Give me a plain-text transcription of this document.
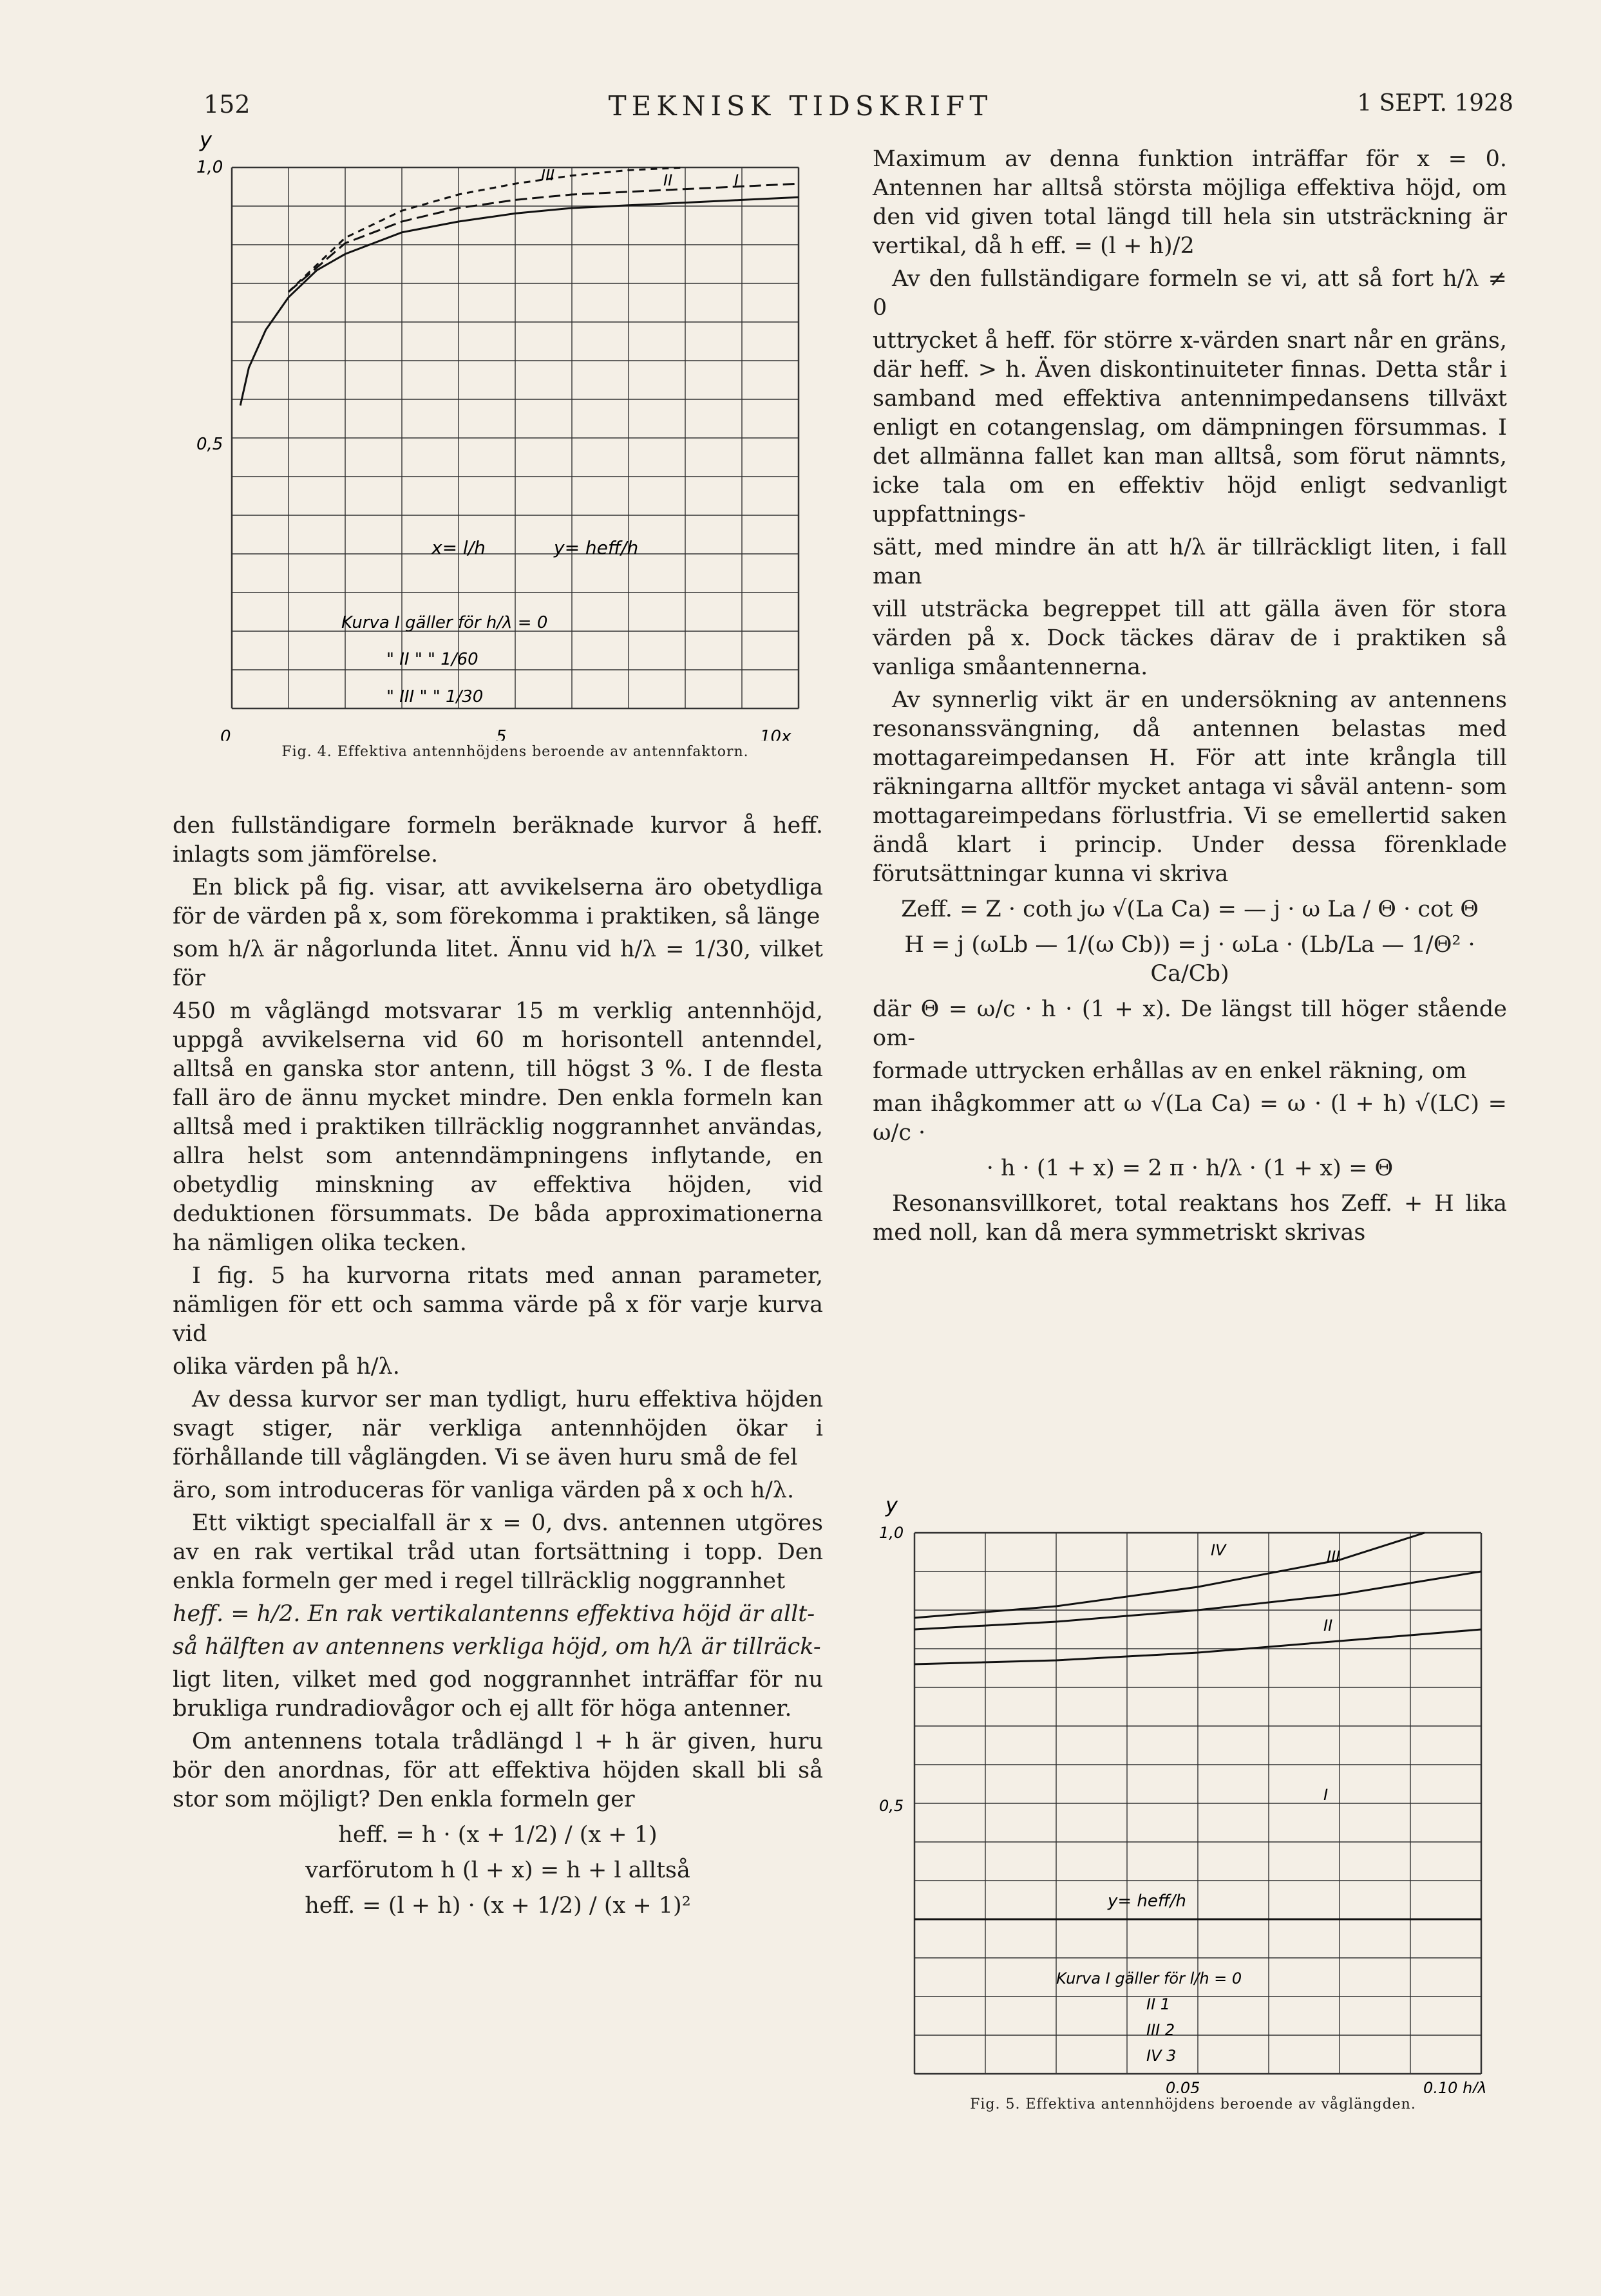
152	TEKNISK TIDSKRIFT	1 SEPT. 1928
y
1,0
0,5
0	5	10x
III	II	I
x= l/h	y= heff/h
Kurva I gäller för h/λ = 0
" II " " 1/60
" III " " 1/30
Fig. 4. Effektiva antennhöjdens beroende av antennfaktorn.

den fullständigare formeln beräknade kurvor å heff. inlagts som jämförelse.

En blick på fig. visar, att avvikelserna äro obetydliga för de värden på x, som förekomma i praktiken, så länge

som h/λ är någorlunda litet. Ännu vid h/λ = 1/30, vilket för

450 m våglängd motsvarar 15 m verklig antennhöjd, uppgå avvikelserna vid 60 m horisontell antenndel, alltså en ganska stor antenn, till högst 3 %. I de flesta fall äro de ännu mycket mindre. Den enkla formeln kan alltså med i praktiken tillräcklig noggrannhet användas, allra helst som antenndämpningens inflytande, en obetydlig minskning av effektiva höjden, vid deduktionen försummats. De båda approximationerna ha nämligen olika tecken.

I fig. 5 ha kurvorna ritats med annan parameter, nämligen för ett och samma värde på x för varje kurva vid

olika värden på h/λ.

Av dessa kurvor ser man tydligt, huru effektiva höjden svagt stiger, när verkliga antennhöjden ökar i förhållande till våglängden. Vi se även huru små de fel

äro, som introduceras för vanliga värden på x och h/λ.

Ett viktigt specialfall är x = 0, dvs. antennen utgöres av en rak vertikal tråd utan fortsättning i topp. Den enkla formeln ger med i regel tillräcklig noggrannhet

heff. = h/2. En rak vertikalantenns effektiva höjd är allt-

så hälften av antennens verkliga höjd, om h/λ är tillräck-

ligt liten, vilket med god noggrannhet inträffar för nu brukliga rundradiovågor och ej allt för höga antenner.

Om antennens totala trådlängd l + h är given, huru bör den anordnas, för att effektiva höjden skall bli så stor som möjligt? Den enkla formeln ger

heff. = h · (x + 1/2) / (x + 1)

varförutom h (l + x) = h + l alltså

heff. = (l + h) · (x + 1/2) / (x + 1)²

Maximum av denna funktion inträffar för x = 0. Antennen har alltså största möjliga effektiva höjd, om den vid given total längd till hela sin utsträckning är vertikal, då h eff. = (l + h)/2

Av den fullständigare formeln se vi, att så fort h/λ ≠ 0

uttrycket å heff. för större x-värden snart når en gräns, där heff. > h. Även diskontinuiteter finnas. Detta står i samband med effektiva antennimpedansens tillväxt enligt en cotangenslag, om dämpningen försummas. I det allmänna fallet kan man alltså, som förut nämnts, icke tala om en effektiv höjd enligt sedvanligt uppfattnings-

sätt, med mindre än att h/λ är tillräckligt liten, i fall man

vill utsträcka begreppet till att gälla även för stora värden på x. Dock täckes därav de i praktiken så vanliga småantennerna.

Av synnerlig vikt är en undersökning av antennens resonanssvängning, då antennen belastas med mottagareimpedansen H. För att inte krångla till räkningarna alltför mycket antaga vi såväl antenn- som mottagareimpedans förlustfria. Vi se emellertid saken ändå klart i princip. Under dessa förenklade förutsättningar kunna vi skriva

Zeff. = Z · coth jω √(La Ca) = — j · ω La / Θ · cot Θ

H = j (ωLb — 1/(ω Cb)) = j · ωLa · (Lb/La — 1/Θ² · Ca/Cb)

där Θ = ω/c · h · (1 + x). De längst till höger stående om-

formade uttrycken erhållas av en enkel räkning, om

man ihågkommer att ω √(La Ca) = ω · (l + h) √(LC) = ω/c ·

· h · (1 + x) = 2 π · h/λ · (1 + x) = Θ

Resonansvillkoret, total reaktans hos Zeff. + H lika med noll, kan då mera symmetriskt skrivas

y
1,0
0,5
0,05	0,10 h/λ
IV	III
II
I
y= heff/h
Kurva I gäller för l/h = 0
II 1
III 2
IV 3
Fig. 5. Effektiva antennhöjdens beroende av våglängden.
